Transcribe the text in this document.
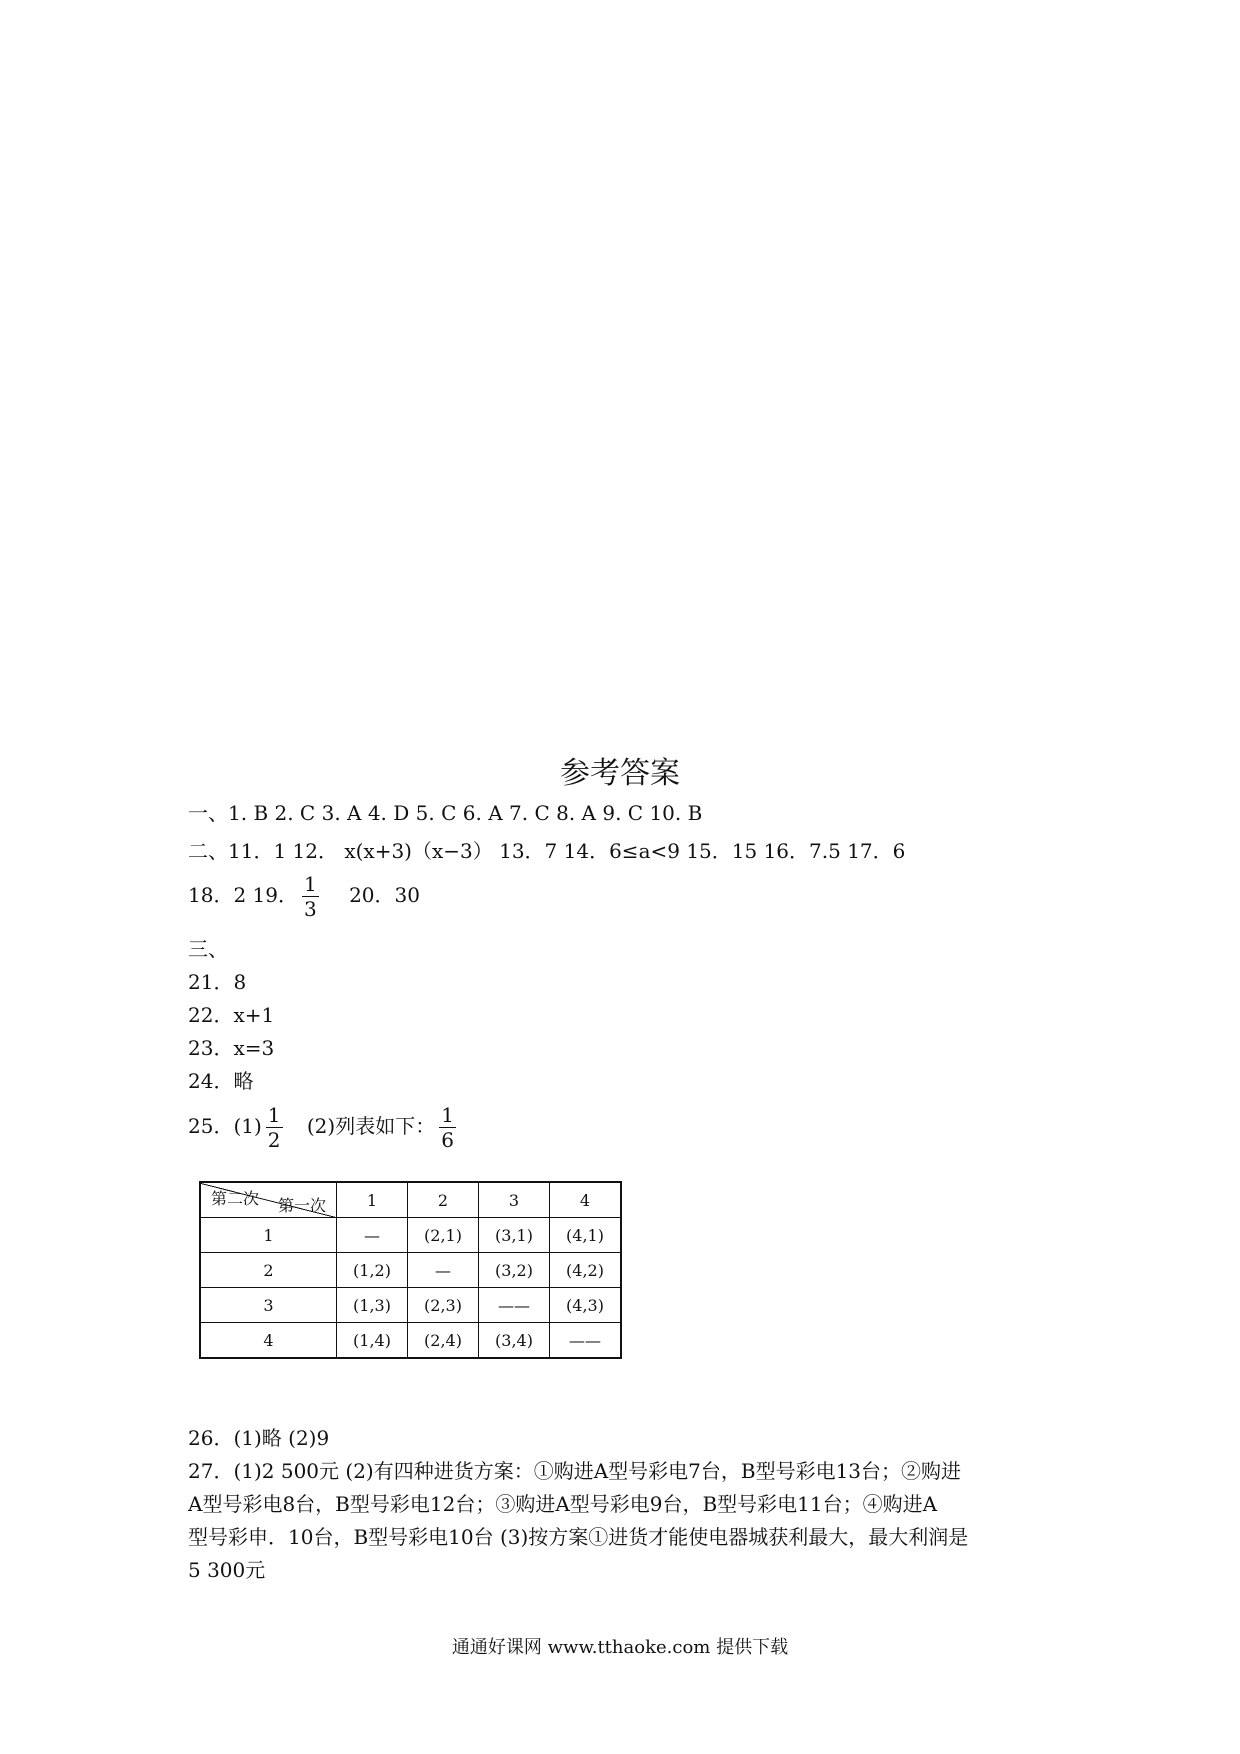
参考答案
一、1. B 2. C 3. A 4. D 5. C 6. A 7. C 8. A 9. C 10. B
二、11．1 12． x(x+3)（x−3） 13．7 14．6≤a<9 15．15 16．7.5 17．6
18．2 19． $\frac{1}{3} 20$．30
三、
21．8
22．x+1
23．x=3
24．略
25．$(1) \frac{1}{2} (2)$列表如下： $\frac{1}{6}$
第一次
第二次	1	2	3	4
1	—	(2,1)	(3,1)	(4,1)
2	(1,2)	—	(3,2)	(4,2)
3	(1,3)	(2,3)	——	(4,3)
4	(1,4)	(2,4)	(3,4)	——
26．(1)略 (2)9
27．(1)2 500元 (2)有四种进货方案：①购进A型号彩电7台，B型号彩电13台；②购进
A型号彩电8台，B型号彩电12台；③购进A型号彩电9台，B型号彩电11台；④购进A
型号彩申．10台，B型号彩电10台 (3)按方案①进货才能使电器城获利最大，最大利润是
5 300元
通通好课网 www.tthaoke.com 提供下载
